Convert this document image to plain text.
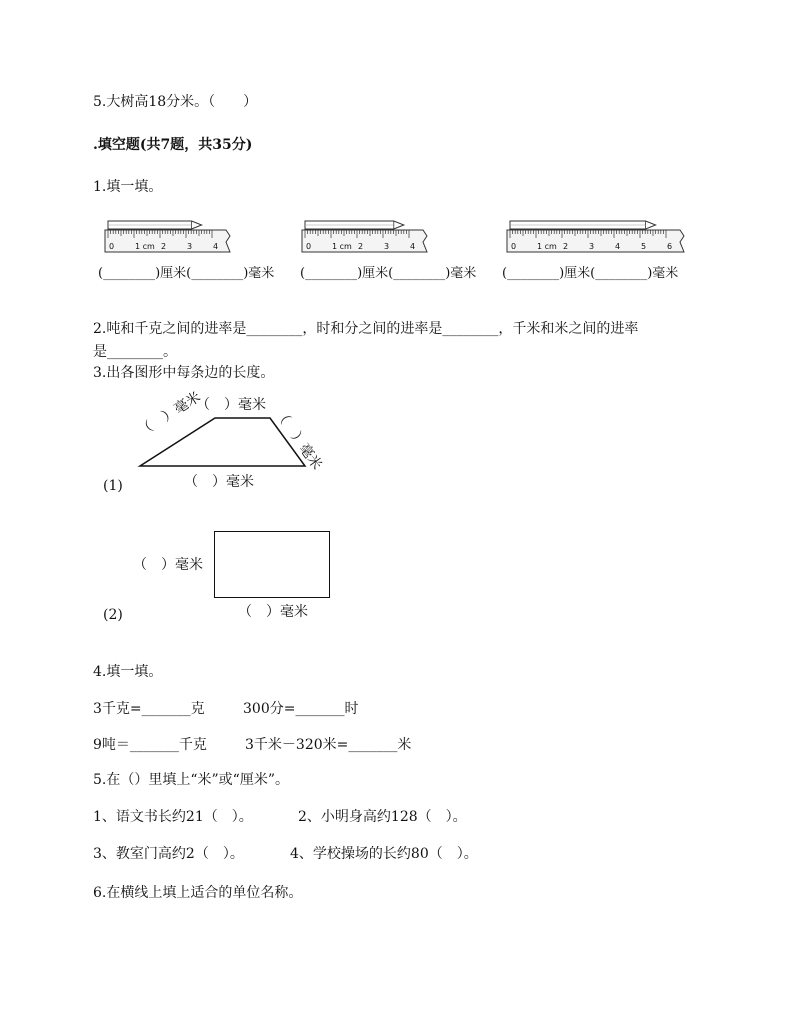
5.大树高18分米。（　　）
.填空题(共7题，共35分)
1.填一填。
0	1 cm 2	3	4	0	1 cm 2	3	4	0	1 cm 2	3	4	5	6
(________)厘米(________)毫米 (________)厘米(________)毫米 (________)厘米(________)毫米
2.吨和千克之间的进率是________，时和分之间的进率是________，千米和米之间的进率
是________。
3.出各图形中每条边的长度。
（　）毫米
（　）毫米	（　）毫米
（　）毫米
(1)
（　）毫米
（　）毫米
(2)
4.填一填。
3千克=_______克	300分=_______时
9吨＝_______千克	3千米－320米=_______米
5.在（）里填上“米”或“厘米”。
1、语文书长约21（　）。	2、小明身高约128（　）。
3、教室门高约2（　）。	4、学校操场的长约80（　）。
6.在横线上填上适合的单位名称。
